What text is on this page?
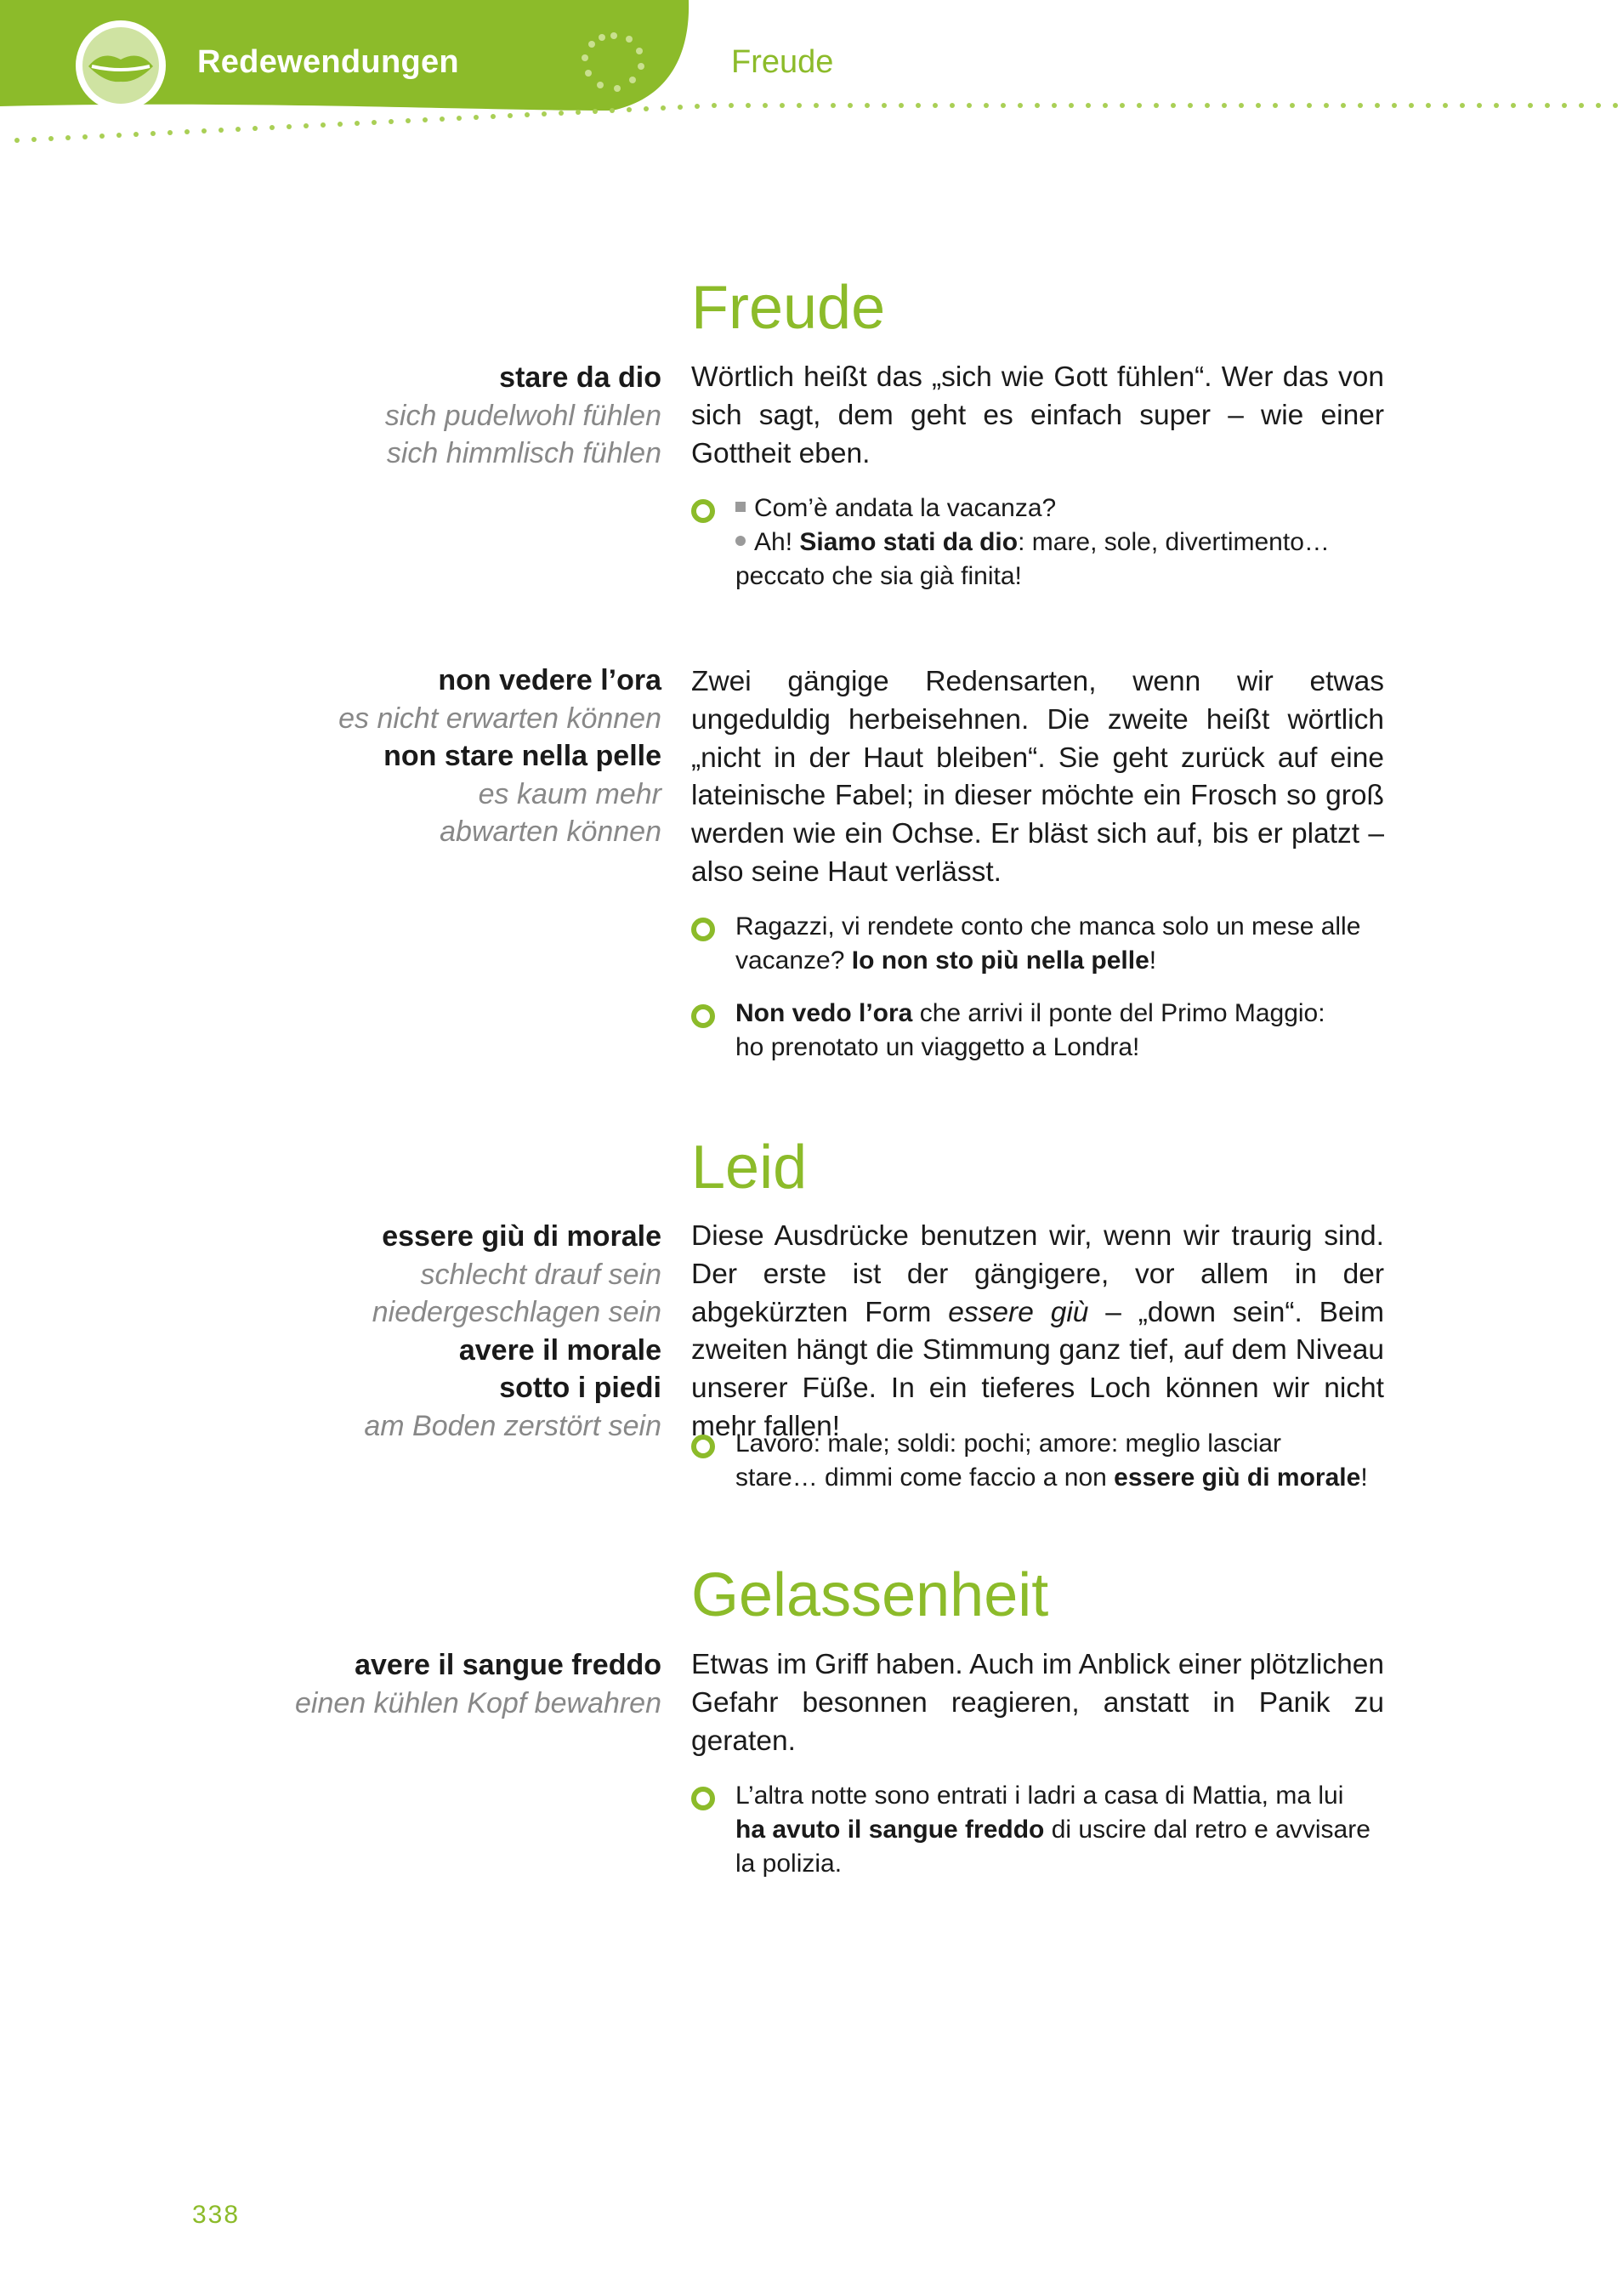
Redewendungen	Freude
Freude
stare da dio
sich pudelwohl fühlen
sich himmlisch fühlen

Wörtlich heißt das „sich wie Gott fühlen“. Wer das von sich sagt, dem geht es einfach super – wie einer Gottheit eben.

Com’è andata la vacanza?
Ah! Siamo stati da dio: mare, sole, divertimento…
peccato che sia già finita!
non vedere l’ora
es nicht erwarten können
non stare nella pelle
es kaum mehr
abwarten können

Zwei gängige Redensarten, wenn wir etwas ungeduldig herbeisehnen. Die zweite heißt wörtlich „nicht in der Haut bleiben“. Sie geht zurück auf eine lateinische Fabel; in dieser möchte ein Frosch so groß werden wie ein Ochse. Er bläst sich auf, bis er platzt – also seine Haut verlässt.

Ragazzi, vi rendete conto che manca solo un mese alle
vacanze? Io non sto più nella pelle!
Non vedo l’ora che arrivi il ponte del Primo Maggio:
ho prenotato un viaggetto a Londra!
Leid
essere giù di morale
schlecht drauf sein
niedergeschlagen sein
avere il morale
sotto i piedi
am Boden zerstört sein

Diese Ausdrücke benutzen wir, wenn wir traurig sind. Der erste ist der gängigere, vor allem in der abgekürzten Form essere giù – „down sein“. Beim zweiten hängt die Stimmung ganz tief, auf dem Niveau unserer Füße. In ein tieferes Loch können wir nicht mehr fallen!

Lavoro: male; soldi: pochi; amore: meglio lasciar
stare… dimmi come faccio a non essere giù di morale!
Gelassenheit
avere il sangue freddo
einen kühlen Kopf bewahren

Etwas im Griff haben. Auch im Anblick einer plötzlichen Gefahr besonnen reagieren, anstatt in Panik zu geraten.

L’altra notte sono entrati i ladri a casa di Mattia, ma lui
ha avuto il sangue freddo di uscire dal retro e avvisare
la polizia.
338
